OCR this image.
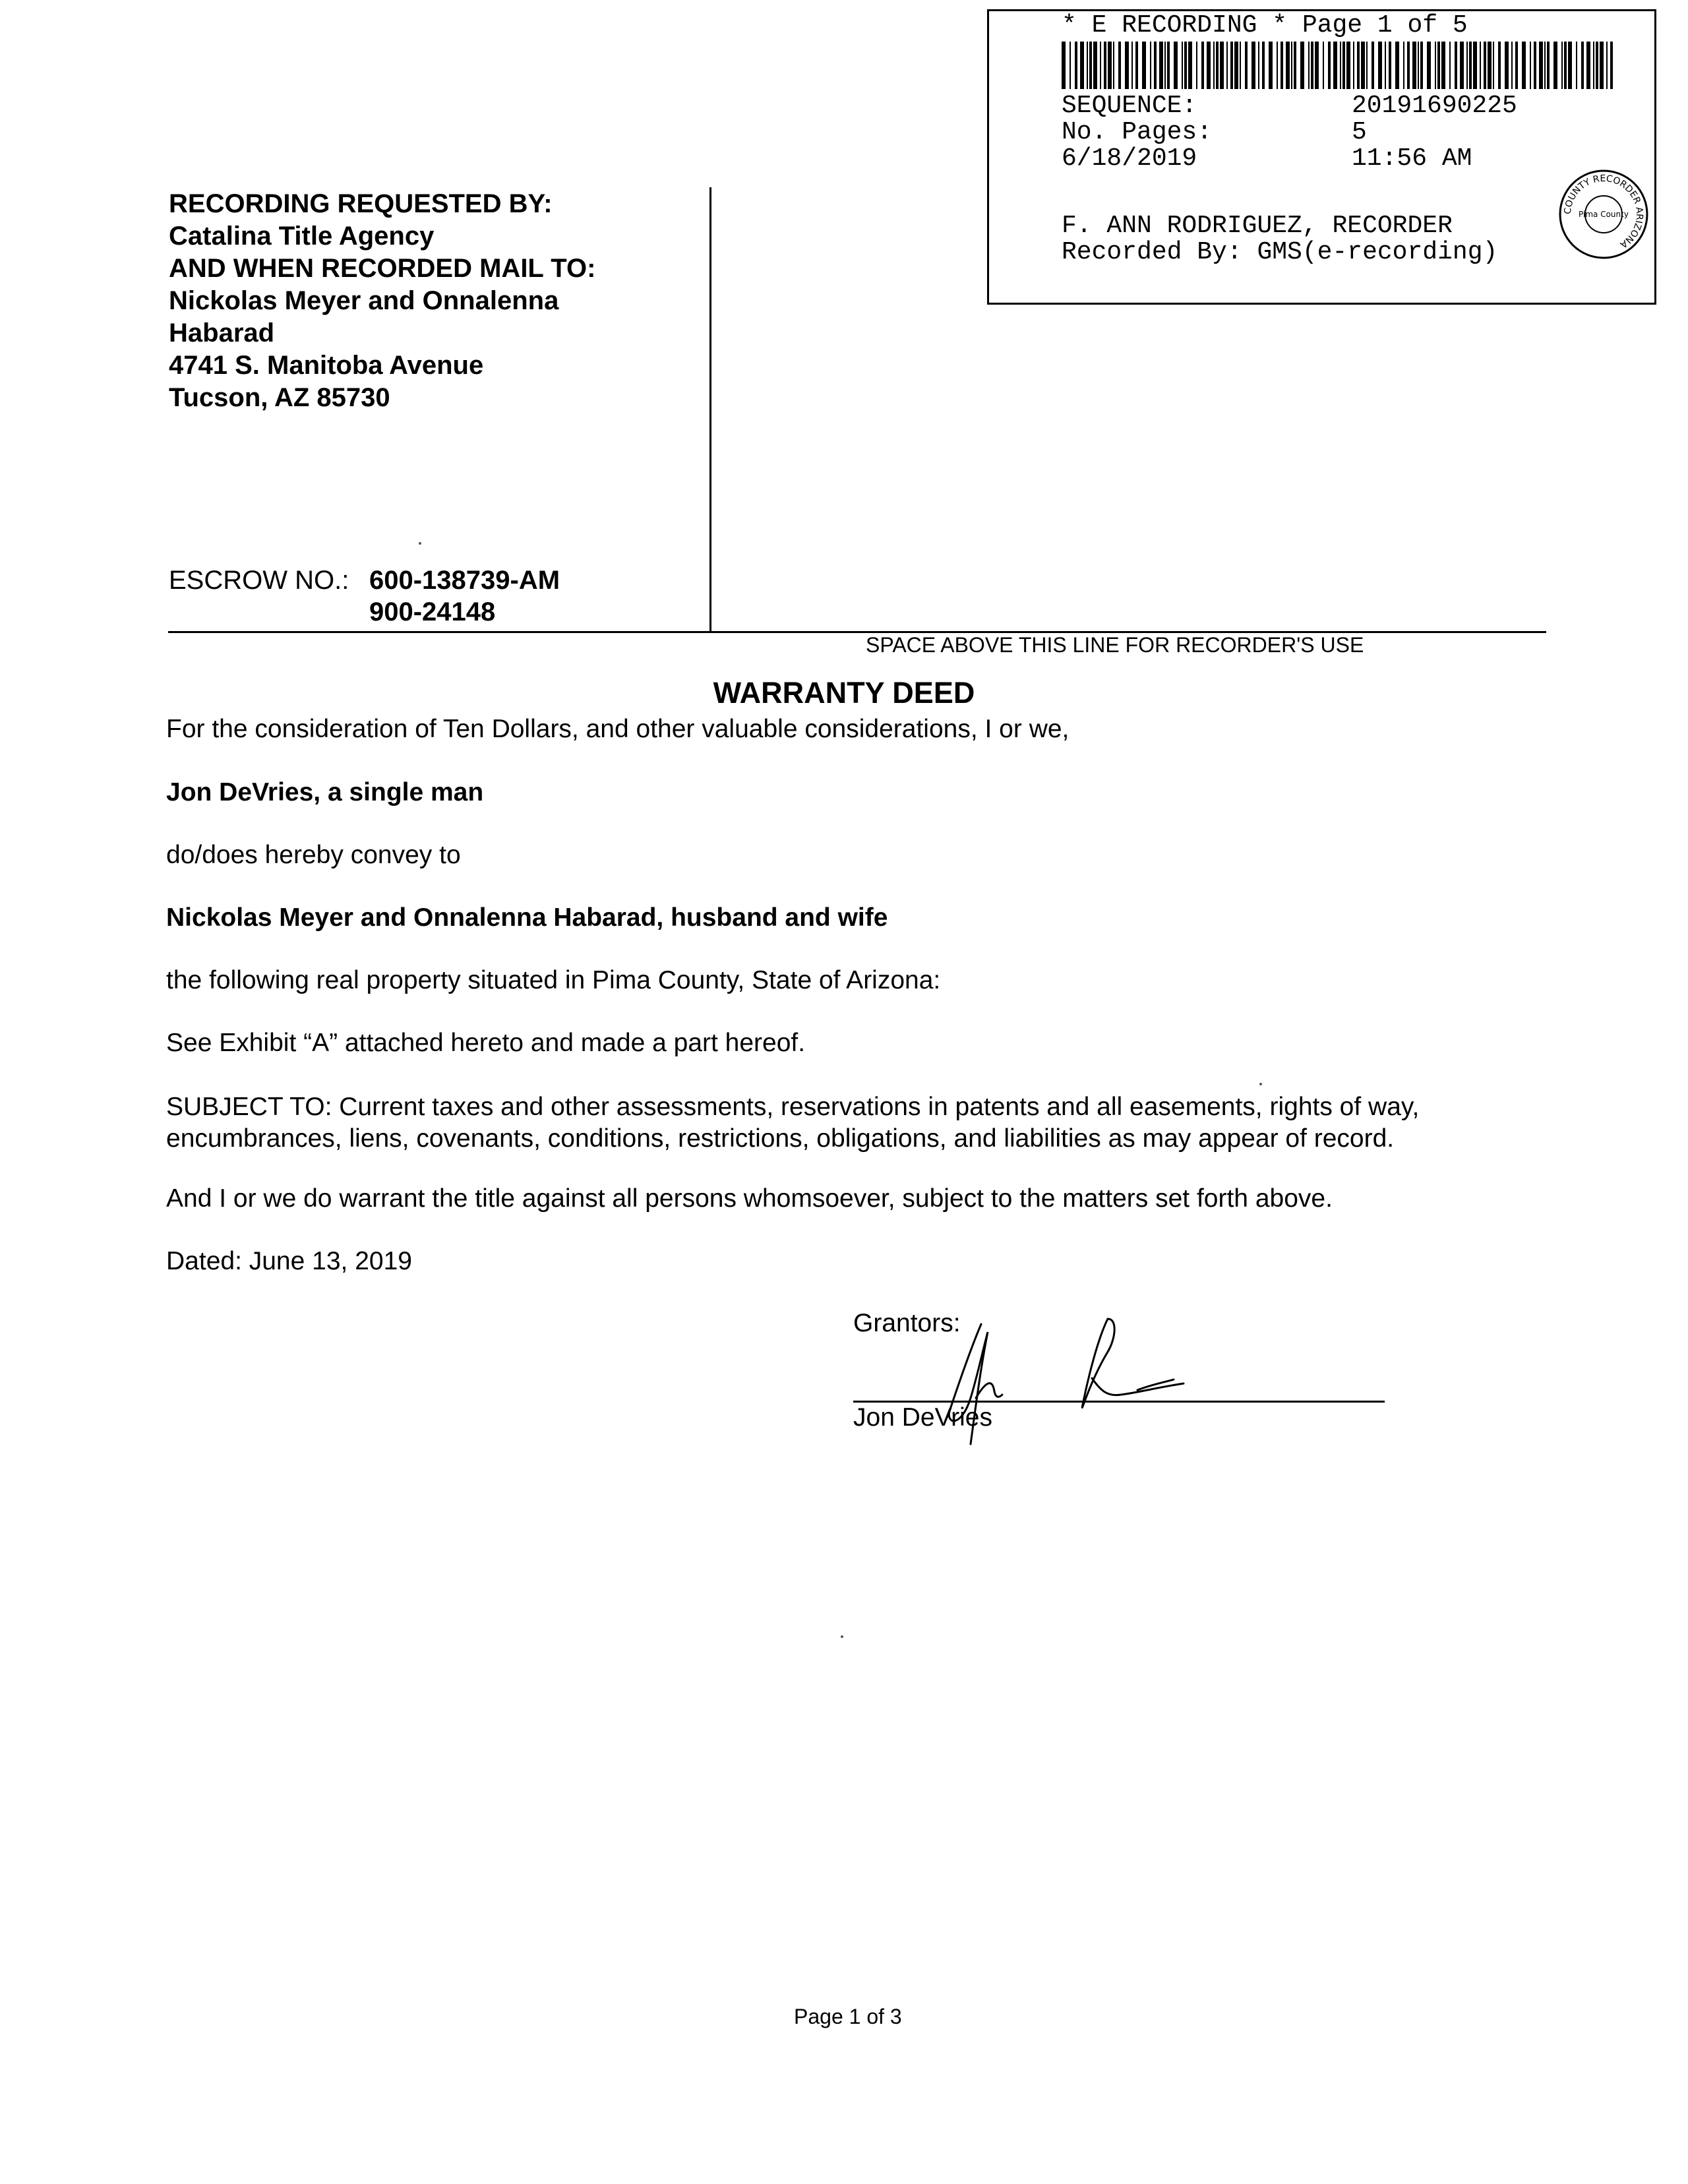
* E RECORDING * Page 1 of 5
SEQUENCE:	20191690225
No. Pages:	5
6/18/2019	11:56 AM
F. ANN RODRIGUEZ, RECORDER
Recorded By: GMS(e-recording)
COUNTY RECORDER ARIZONA
Pima County
RECORDING REQUESTED BY:
Catalina Title Agency
AND WHEN RECORDED MAIL TO:
Nickolas Meyer and Onnalenna
Habarad
4741 S. Manitoba Avenue
Tucson, AZ 85730
ESCROW NO.: 600-138739-AM
900-24148
SPACE ABOVE THIS LINE FOR RECORDER'S USE
WARRANTY DEED
For the consideration of Ten Dollars, and other valuable considerations, I or we,
Jon DeVries, a single man
do/does hereby convey to
Nickolas Meyer and Onnalenna Habarad, husband and wife
the following real property situated in Pima County, State of Arizona:
See Exhibit “A” attached hereto and made a part hereof.
SUBJECT TO: Current taxes and other assessments, reservations in patents and all easements, rights of way, encumbrances, liens, covenants, conditions, restrictions, obligations, and liabilities as may appear of record.
And I or we do warrant the title against all persons whomsoever, subject to the matters set forth above.
Dated: June 13, 2019
Grantors:
Jon DeVries
Page 1 of 3
